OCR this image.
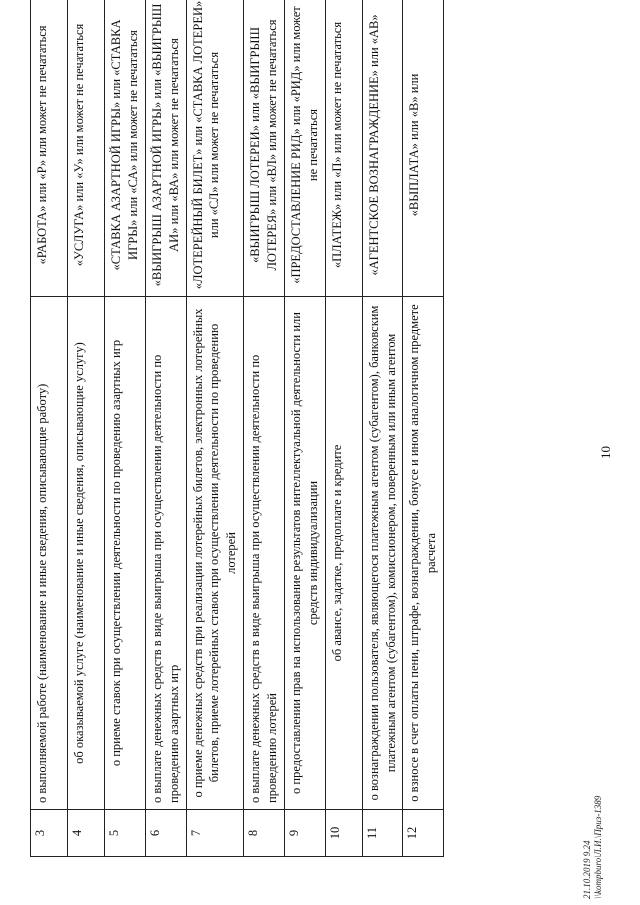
10
3	о выполняемой работе (наименование и иные сведения, описывающие работу)	«РАБОТА» или «Р» или может не печататься
4	об оказываемой услуге (наименование и иные сведения, описывающие услугу)	«УСЛУГА» или «У» или может не печататься
5	о приеме ставок при осуществлении деятельности по проведению азартных игр	«СТАВКА АЗАРТНОЙ ИГРЫ» или «СТАВКА ИГРЫ» или «СА» или может не печататься
6	о выплате денежных средств в виде выигрыша при осуществлении деятельности по проведению азартных игр	«ВЫИГРЫШ АЗАРТНОЙ ИГРЫ» или «ВЫИГРЫШ АИ» или «ВА» или может не печататься
7	о приеме денежных средств при реализации лотерейных билетов, электронных лотерейных билетов, приеме лотерейных ставок при осуществлении деятельности по проведению лотерей	«ЛОТЕРЕЙНЫЙ БИЛЕТ» или «СТАВКА ЛОТЕРЕИ» или «СЛ» или может не печататься
8	о выплате денежных средств в виде выигрыша при осуществлении деятельности по проведению лотерей	«ВЫИГРЫШ ЛОТЕРЕИ» или «ВЫИГРЫШ ЛОТЕРЕЯ» или «ВЛ» или может не печататься
9	о предоставлении прав на использование результатов интеллектуальной деятельности или средств индивидуализации	«ПРЕДОСТАВЛЕНИЕ РИД» или «РИД» или может не печататься
10	об авансе, задатке, предоплате и кредите	«ПЛАТЕЖ» или «П» или может не печататься
11	о вознаграждении пользователя, являющегося платежным агентом (субагентом), банковским платежным агентом (субагентом), комиссионером, поверенным или иным агентом	«АГЕНТСКОЕ ВОЗНАГРАЖДЕНИЕ» или «АВ»
12	о взносе в счет оплаты пени, штрафе, вознаграждении, бонусе и ином аналогичном предмете расчета	«ВЫПЛАТА» или «В» или
21.10.2019 9.24 \\kompburo\Л.И.\Приз-1389
